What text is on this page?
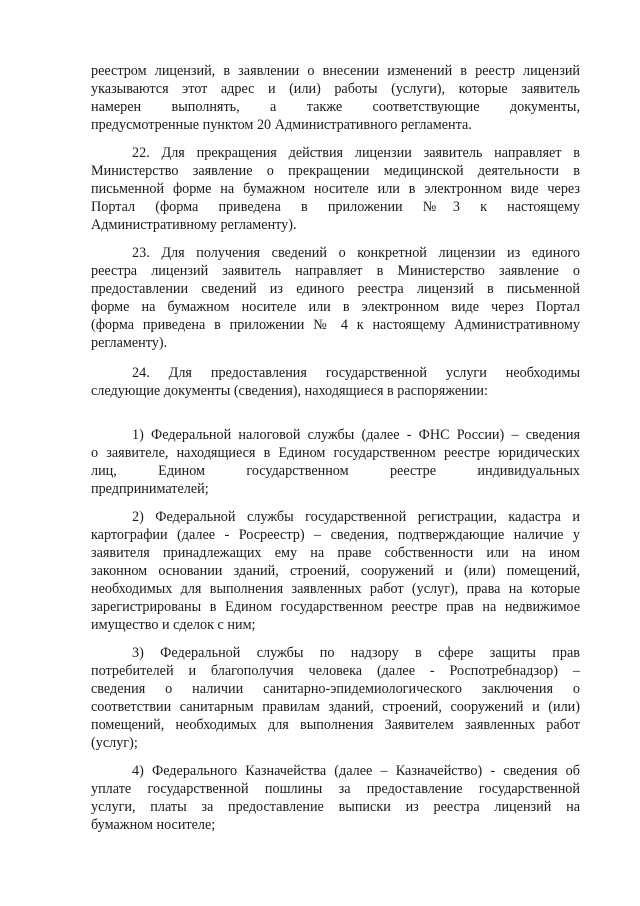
реестром лицензий, в заявлении о внесении изменений в реестр лицензий
указываются этот адрес и (или) работы (услуги), которые заявитель
намерен выполнять, а также соответствующие документы,
предусмотренные пунктом 20 Административного регламента.
22. Для прекращения действия лицензии заявитель направляет в
Министерство заявление о прекращении медицинской деятельности в
письменной форме на бумажном носителе или в электронном виде через
Портал (форма приведена в приложении №3 к настоящему
Административному регламенту).
23. Для получения сведений о конкретной лицензии из единого
реестра лицензий заявитель направляет в Министерство заявление о
предоставлении сведений из единого реестра лицензий в письменной
форме на бумажном носителе или в электронном виде через Портал
(форма приведена в приложении № 4 к настоящему Административному
регламенту).
24. Для предоставления государственной услуги необходимы
следующие документы (сведения), находящиеся в распоряжении:
1) Федеральной налоговой службы (далее - ФНС России) – сведения
о заявителе, находящиеся в Едином государственном реестре юридических
лиц, Едином государственном реестре индивидуальных
предпринимателей;
2) Федеральной службы государственной регистрации, кадастра и
картографии (далее - Росреестр) – сведения, подтверждающие наличие у
заявителя принадлежащих ему на праве собственности или на ином
законном основании зданий, строений, сооружений и (или) помещений,
необходимых для выполнения заявленных работ (услуг), права на которые
зарегистрированы в Едином государственном реестре прав на недвижимое
имущество и сделок с ним;
3) Федеральной службы по надзору в сфере защиты прав
потребителей и благополучия человека (далее - Роспотребнадзор) –
сведения о наличии санитарно-эпидемиологического заключения о
соответствии санитарным правилам зданий, строений, сооружений и (или)
помещений, необходимых для выполнения Заявителем заявленных работ
(услуг);
4) Федерального Казначейства (далее – Казначейство) - сведения об
уплате государственной пошлины за предоставление государственной
услуги, платы за предоставление выписки из реестра лицензий на
бумажном носителе;
